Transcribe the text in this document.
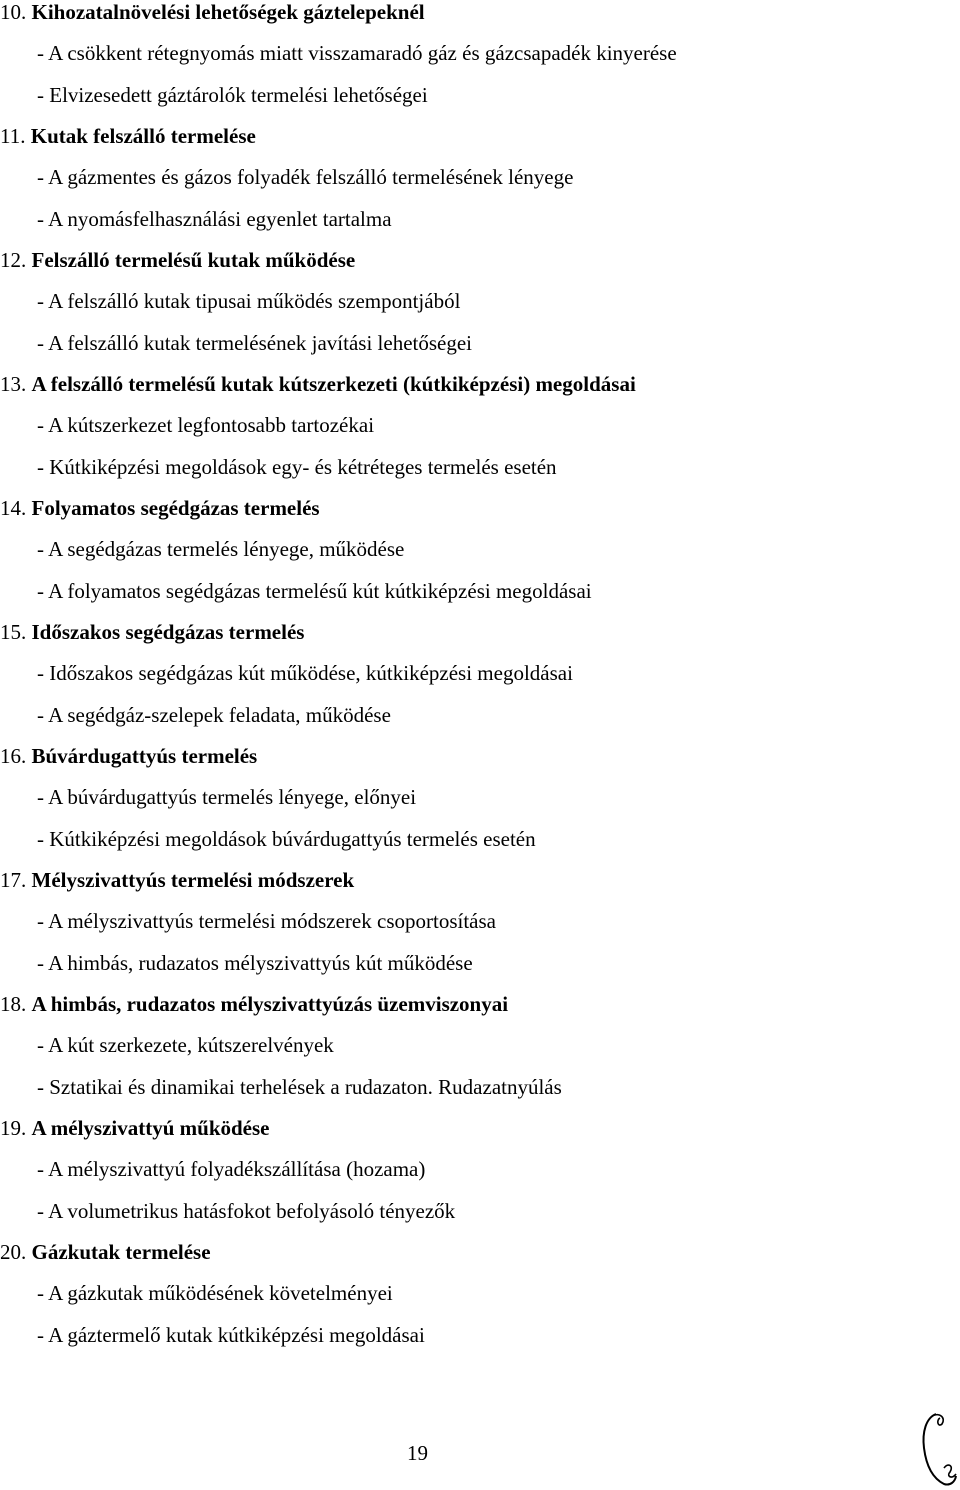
10. Kihozatalnövelési lehetőségek gáztelepeknél
- A csökkent rétegnyomás miatt visszamaradó gáz és gázcsapadék kinyerése
- Elvizesedett gáztárolók termelési lehetőségei
11. Kutak felszálló termelése
- A gázmentes és gázos folyadék felszálló termelésének lényege
- A nyomásfelhasználási egyenlet tartalma
12. Felszálló termelésű kutak működése
- A felszálló kutak tipusai működés szempontjából
- A felszálló kutak termelésének javítási lehetőségei
13. A felszálló termelésű kutak kútszerkezeti (kútkiképzési) megoldásai
- A kútszerkezet legfontosabb tartozékai
- Kútkiképzési megoldások egy- és kétréteges termelés esetén
14. Folyamatos segédgázas termelés
- A segédgázas termelés lényege, működése
- A folyamatos segédgázas termelésű kút kútkiképzési megoldásai
15. Időszakos segédgázas termelés
- Időszakos segédgázas kút működése, kútkiképzési megoldásai
- A segédgáz-szelepek feladata, működése
16. Búvárdugattyús termelés
- A búvárdugattyús termelés lényege, előnyei
- Kútkiképzési megoldások búvárdugattyús termelés esetén
17. Mélyszivattyús termelési módszerek
- A mélyszivattyús termelési módszerek csoportosítása
- A himbás, rudazatos mélyszivattyús kút működése
18. A himbás, rudazatos mélyszivattyúzás üzemviszonyai
- A kút szerkezete, kútszerelvények
- Sztatikai és dinamikai terhelések a rudazaton. Rudazatnyúlás
19. A mélyszivattyú működése
- A mélyszivattyú folyadékszállítása (hozama)
- A volumetrikus hatásfokot befolyásoló tényezők
20. Gázkutak termelése
- A gázkutak működésének követelményei
- A gáztermelő kutak kútkiképzési megoldásai
19
